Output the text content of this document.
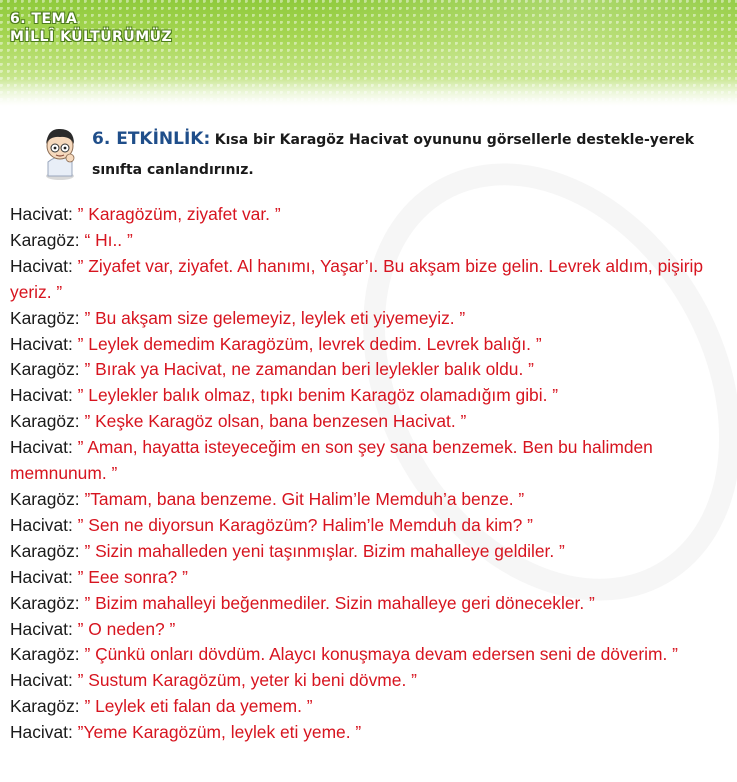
6. TEMA
MİLLÎ KÜLTÜRÜMÜZ
6. ETKİNLİK: Kısa bir Karagöz Hacivat oyununu görsellerle destekle-yerek sınıfta canlandırınız.

Hacivat: ” Karagözüm, ziyafet var. ”

Karagöz: “ Hı.. ”

Hacivat: ” Ziyafet var, ziyafet. Al hanımı, Yaşar’ı. Bu akşam bize gelin. Levrek aldım, pişirip yeriz. ”

Karagöz: ” Bu akşam size gelemeyiz, leylek eti yiyemeyiz. ”

Hacivat: ” Leylek demedim Karagözüm, levrek dedim. Levrek balığı. ”

Karagöz: ” Bırak ya Hacivat, ne zamandan beri leylekler balık oldu. ”

Hacivat: ” Leylekler balık olmaz, tıpkı benim Karagöz olamadığım gibi. ”

Karagöz: ” Keşke Karagöz olsan, bana benzesen Hacivat. ”

Hacivat: ” Aman, hayatta isteyeceğim en son şey sana benzemek. Ben bu halimden memnunum. ”

Karagöz: ”Tamam, bana benzeme. Git Halim’le Memduh’a benze. ”

Hacivat: ” Sen ne diyorsun Karagözüm? Halim’le Memduh da kim? ”

Karagöz: ” Sizin mahalleden yeni taşınmışlar. Bizim mahalleye geldiler. ”

Hacivat: ” Eee sonra? ”

Karagöz: ” Bizim mahalleyi beğenmediler. Sizin mahalleye geri dönecekler. ”

Hacivat: ” O neden? ”

Karagöz: ” Çünkü onları dövdüm. Alaycı konuşmaya devam edersen seni de döverim. ”

Hacivat: ” Sustum Karagözüm, yeter ki beni dövme. ”

Karagöz: ” Leylek eti falan da yemem. ”

Hacivat: ”Yeme Karagözüm, leylek eti yeme. ”
